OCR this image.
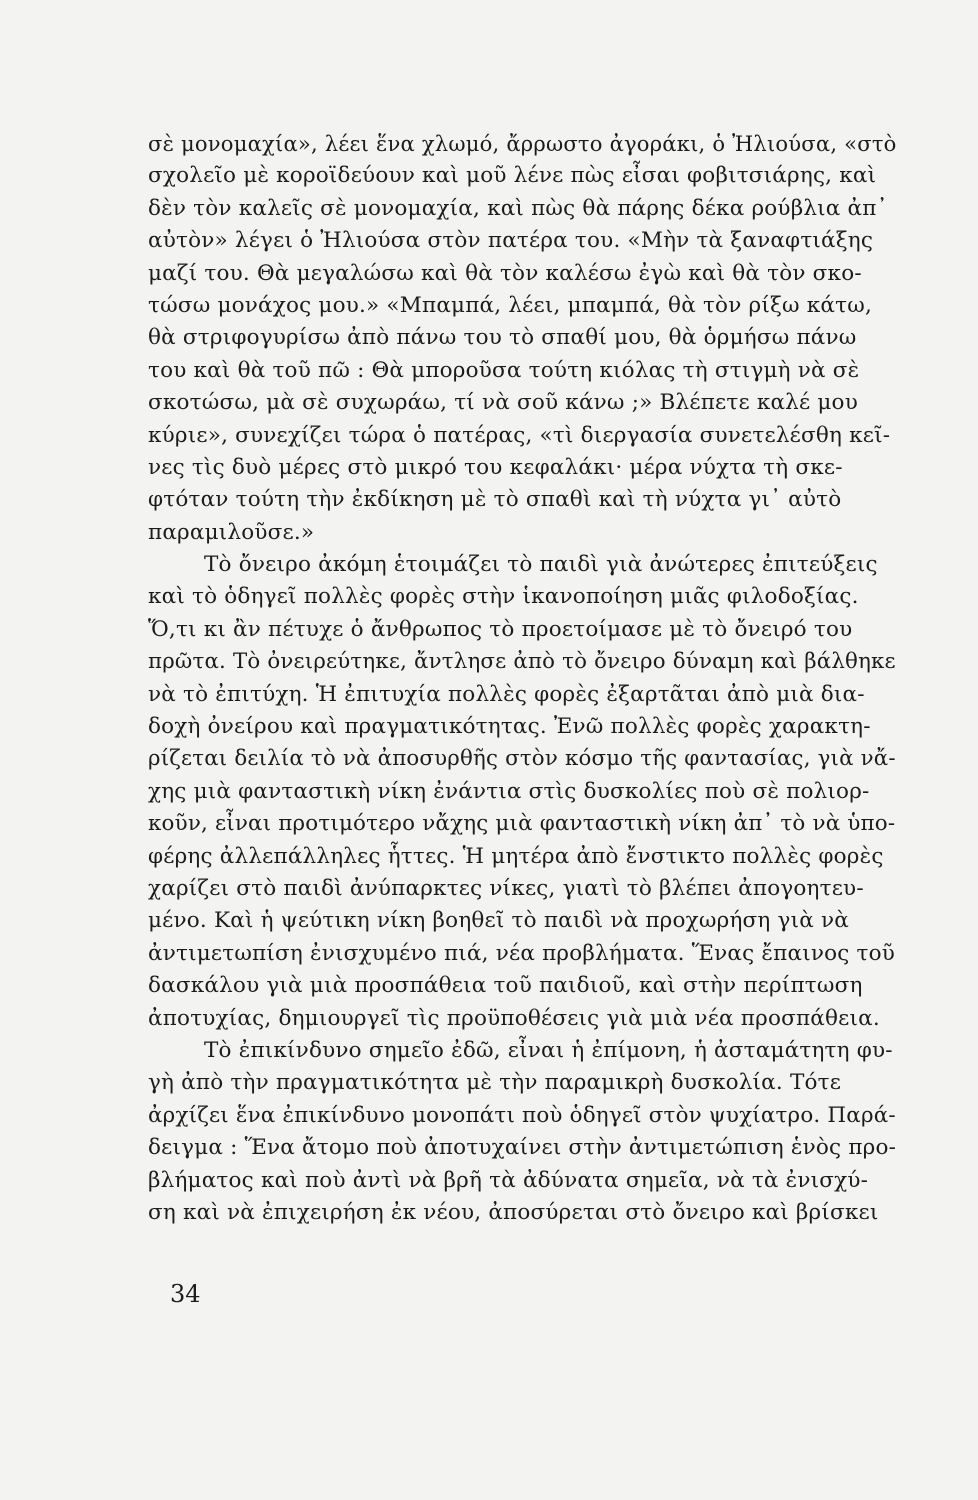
σὲ μονομαχία», λέει ἕνα χλωμό, ἄρρωστο ἀγοράκι, ὁ Ἠλιούσα, «στὸ
σχολεῖο μὲ κοροϊδεύουν καὶ μοῦ λένε πὼς εἶσαι φοβιτσιάρης, καὶ
δὲν τὸν καλεῖς σὲ μονομαχία, καὶ πὼς θὰ πάρης δέκα ρούβλια ἀπ᾽
αὐτὸν» λέγει ὁ Ἠλιούσα στὸν πατέρα του. «Μὴν τὰ ξαναφτιάξης
μαζί του. Θὰ μεγαλώσω καὶ θὰ τὸν καλέσω ἐγὼ καὶ θὰ τὸν σκο-
τώσω μονάχος μου.» «Μπαμπά, λέει, μπαμπά, θὰ τὸν ρίξω κάτω,
θὰ στριφογυρίσω ἀπὸ πάνω του τὸ σπαθί μου, θὰ ὁρμήσω πάνω
του καὶ θὰ τοῦ πῶ : Θὰ μποροῦσα τούτη κιόλας τὴ στιγμὴ νὰ σὲ
σκοτώσω, μὰ σὲ συχωράω, τί νὰ σοῦ κάνω ;» Βλέπετε καλέ μου
κύριε», συνεχίζει τώρα ὁ πατέρας, «τὶ διεργασία συνετελέσθη κεῖ-
νες τὶς δυὸ μέρες στὸ μικρό του κεφαλάκι· μέρα νύχτα τὴ σκε-
φτόταν τούτη τὴν ἐκδίκηση μὲ τὸ σπαθὶ καὶ τὴ νύχτα γι᾽ αὐτὸ
παραμιλοῦσε.»
Τὸ ὄνειρο ἀκόμη ἑτοιμάζει τὸ παιδὶ γιὰ ἀνώτερες ἐπιτεύξεις
καὶ τὸ ὁδηγεῖ πολλὲς φορὲς στὴν ἱκανοποίηση μιᾶς φιλοδοξίας.
Ὅ,τι κι ἂν πέτυχε ὁ ἄνθρωπος τὸ προετοίμασε μὲ τὸ ὄνειρό του
πρῶτα. Τὸ ὀνειρεύτηκε, ἄντλησε ἀπὸ τὸ ὄνειρο δύναμη καὶ βάλθηκε
νὰ τὸ ἐπιτύχη. Ἡ ἐπιτυχία πολλὲς φορὲς ἐξαρτᾶται ἀπὸ μιὰ δια-
δοχὴ ὀνείρου καὶ πραγματικότητας. Ἐνῶ πολλὲς φορὲς χαρακτη-
ρίζεται δειλία τὸ νὰ ἀποσυρθῆς στὸν κόσμο τῆς φαντασίας, γιὰ νἄ-
χης μιὰ φανταστικὴ νίκη ἐνάντια στὶς δυσκολίες ποὺ σὲ πολιορ-
κοῦν, εἶναι προτιμότερο νἄχης μιὰ φανταστικὴ νίκη ἀπ᾽ τὸ νὰ ὑπο-
φέρης ἀλλεπάλληλες ἧττες. Ἡ μητέρα ἀπὸ ἔνστικτο πολλὲς φορὲς
χαρίζει στὸ παιδὶ ἀνύπαρκτες νίκες, γιατὶ τὸ βλέπει ἀπογοητευ-
μένο. Καὶ ἡ ψεύτικη νίκη βοηθεῖ τὸ παιδὶ νὰ προχωρήση γιὰ νὰ
ἀντιμετωπίση ἐνισχυμένο πιά, νέα προβλήματα. Ἕνας ἔπαινος τοῦ
δασκάλου γιὰ μιὰ προσπάθεια τοῦ παιδιοῦ, καὶ στὴν περίπτωση
ἀποτυχίας, δημιουργεῖ τὶς προϋποθέσεις γιὰ μιὰ νέα προσπάθεια.
Τὸ ἐπικίνδυνο σημεῖο ἐδῶ, εἶναι ἡ ἐπίμονη, ἡ ἀσταμάτητη φυ-
γὴ ἀπὸ τὴν πραγματικότητα μὲ τὴν παραμικρὴ δυσκολία. Τότε
ἀρχίζει ἕνα ἐπικίνδυνο μονοπάτι ποὺ ὁδηγεῖ στὸν ψυχίατρο. Παρά-
δειγμα : Ἕνα ἄτομο ποὺ ἀποτυχαίνει στὴν ἀντιμετώπιση ἑνὸς προ-
βλήματος καὶ ποὺ ἀντὶ νὰ βρῆ τὰ ἀδύνατα σημεῖα, νὰ τὰ ἐνισχύ-
ση καὶ νὰ ἐπιχειρήση ἐκ νέου, ἀποσύρεται στὸ ὄνειρο καὶ βρίσκει
34
